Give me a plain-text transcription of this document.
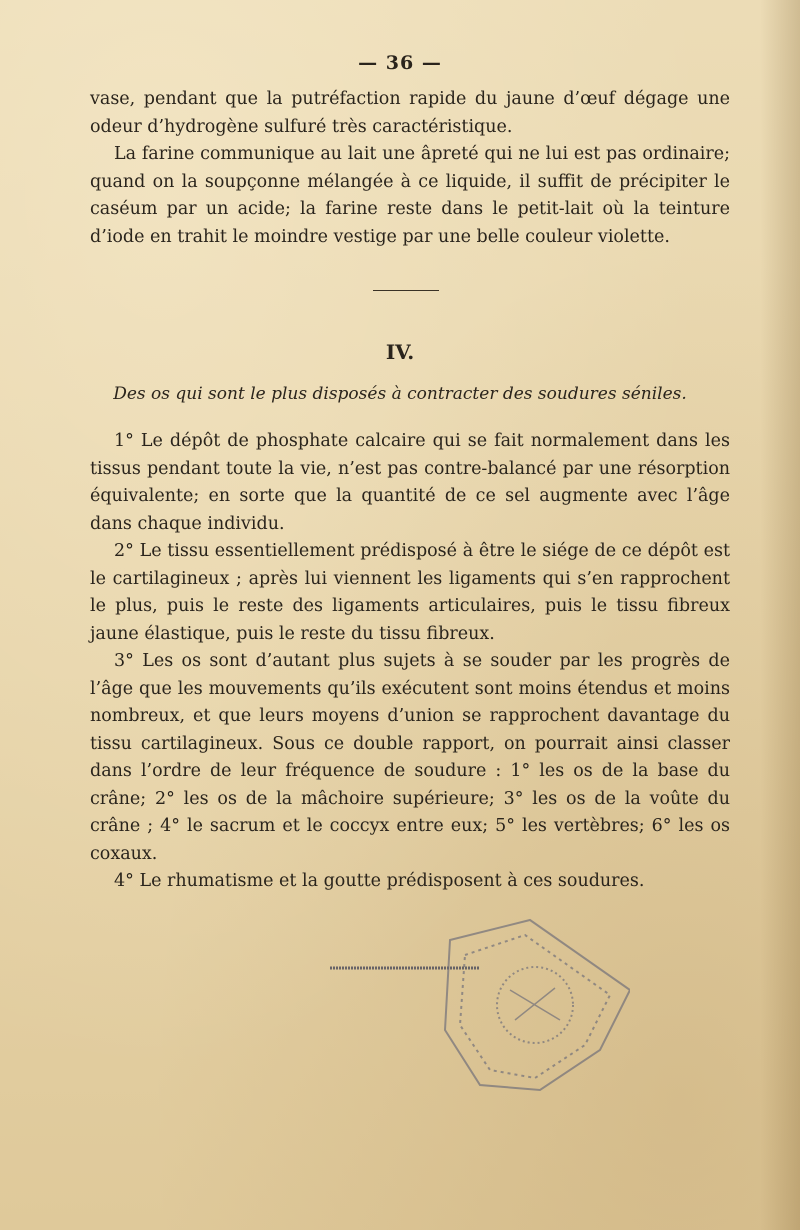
— 36 —

vase, pendant que la putréfaction rapide du jaune d’œuf dégage une odeur d’hydrogène sulfuré très caractéristique.

La farine communique au lait une âpreté qui ne lui est pas ordinaire; quand on la soupçonne mélangée à ce liquide, il suffit de précipiter le caséum par un acide; la farine reste dans le petit-lait où la teinture d’iode en trahit le moindre vestige par une belle couleur violette.

IV.
Des os qui sont le plus disposés à contracter des soudures séniles.

1° Le dépôt de phosphate calcaire qui se fait normalement dans les tissus pendant toute la vie, n’est pas contre-balancé par une résorption équivalente; en sorte que la quantité de ce sel augmente avec l’âge dans chaque individu.

2° Le tissu essentiellement prédisposé à être le siége de ce dépôt est le cartilagineux ; après lui viennent les ligaments qui s’en rapprochent le plus, puis le reste des ligaments articulaires, puis le tissu fibreux jaune élastique, puis le reste du tissu fibreux.

3° Les os sont d’autant plus sujets à se souder par les progrès de l’âge que les mouvements qu’ils exécutent sont moins étendus et moins nombreux, et que leurs moyens d’union se rapprochent davantage du tissu cartilagineux. Sous ce double rapport, on pourrait ainsi classer dans l’ordre de leur fréquence de soudure : 1° les os de la base du crâne; 2° les os de la mâchoire supérieure; 3° les os de la voûte du crâne ; 4° le sacrum et le coccyx entre eux; 5° les vertèbres; 6° les os coxaux.

4° Le rhumatisme et la goutte prédisposent à ces soudures.
